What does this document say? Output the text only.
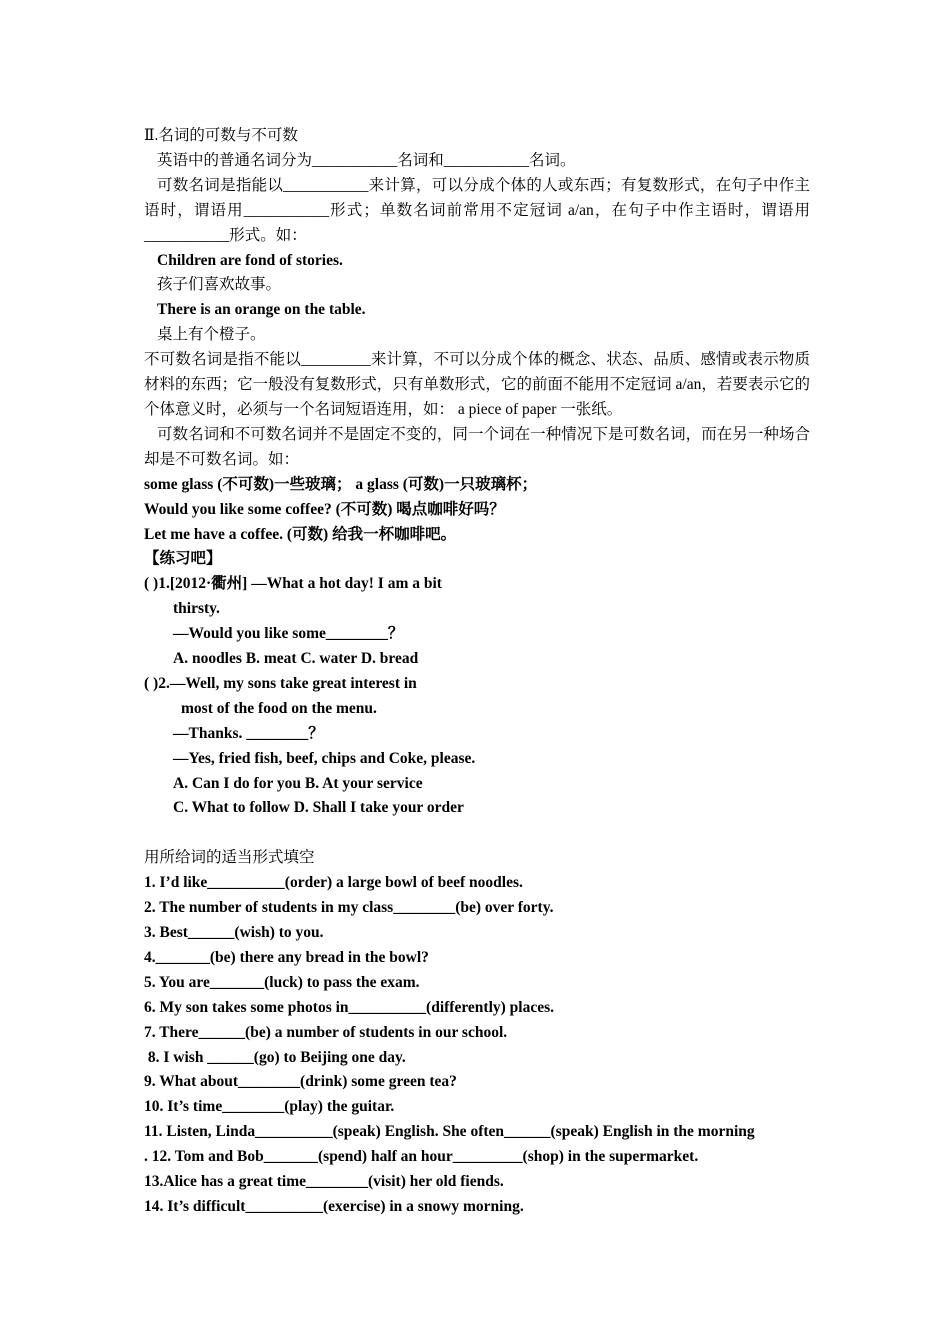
Ⅱ.名词的可数与不可数

英语中的普通名词分为___________名词和___________名词。

可数名词是指能以___________来计算，可以分成个体的人或东西；有复数形式，在句子中作主语时，谓语用___________形式；单数名词前常用不定冠词 a/an，在句子中作主语时，谓语用___________形式。如：

Children are fond of stories.

孩子们喜欢故事。

There is an orange on the table.

桌上有个橙子。

不可数名词是指不能以_________来计算，不可以分成个体的概念、状态、品质、感情或表示物质材料的东西；它一般没有复数形式，只有单数形式，它的前面不能用不定冠词 a/an，若要表示它的个体意义时，必须与一个名词短语连用，如： a piece of paper 一张纸。

可数名词和不可数名词并不是固定不变的，同一个词在一种情况下是可数名词，而在另一种场合却是不可数名词。如：

some glass (不可数)一些玻璃； a glass (可数)一只玻璃杯；

Would you like some coffee? (不可数) 喝点咖啡好吗？

Let me have a coffee. (可数) 给我一杯咖啡吧。

【练习吧】

( )1.[2012·衢州] —What a hot day! I am a bit

thirsty.

—Would you like some________？

A. noodles B. meat C. water D. bread

( )2.—Well, my sons take great interest in

most of the food on the menu.

—Thanks. ________？

—Yes, fried fish, beef, chips and Coke, please.

A. Can I do for you B. At your service

C. What to follow D. Shall I take your order

用所给词的适当形式填空

1. I’d like__________(order) a large bowl of beef noodles.

2. The number of students in my class________(be) over forty.

3. Best______(wish) to you.

4._______(be) there any bread in the bowl?

5. You are_______(luck) to pass the exam.

6. My son takes some photos in__________(differently) places.

7. There______(be) a number of students in our school.

8. I wish ______(go) to Beijing one day.

9. What about________(drink) some green tea?

10. It’s time________(play) the guitar.

11. Listen, Linda__________(speak) English. She often______(speak) English in the morning

. 12. Tom and Bob_______(spend) half an hour_________(shop) in the supermarket.

13.Alice has a great time________(visit) her old fiends.

14. It’s difficult__________(exercise) in a snowy morning.
